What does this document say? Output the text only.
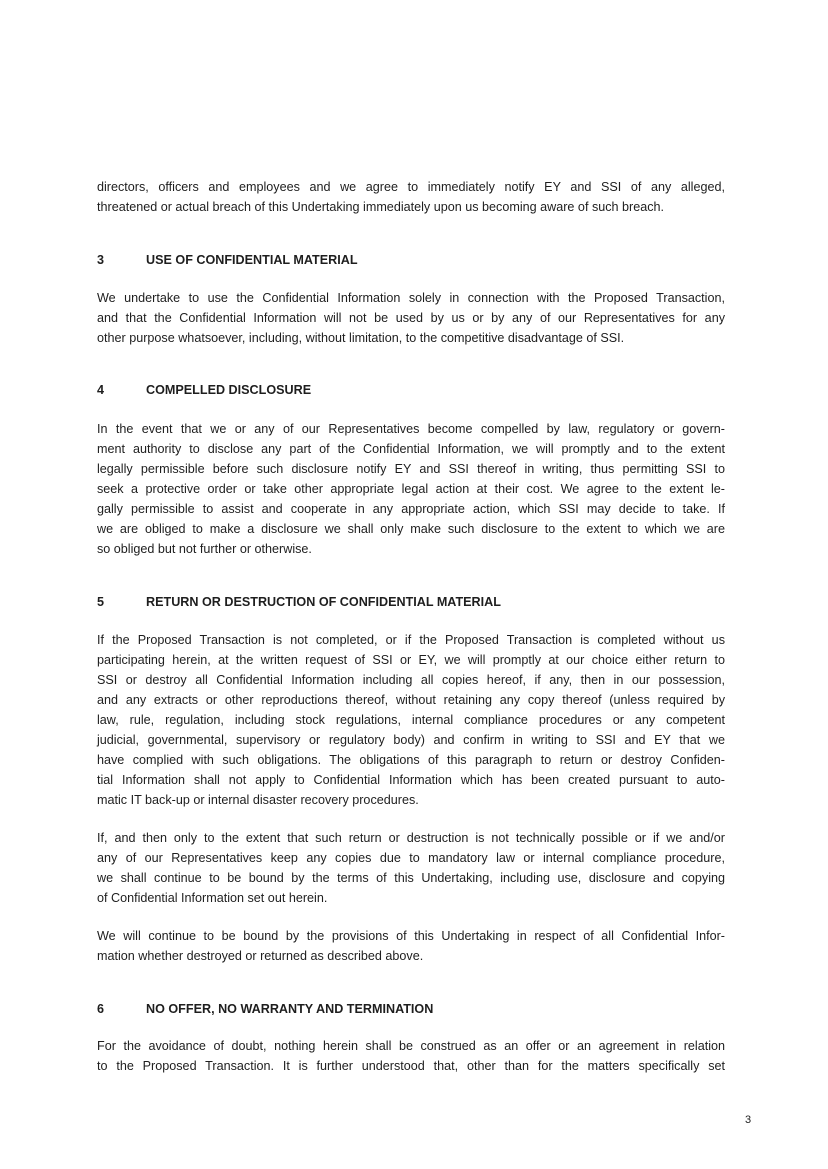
directors, officers and employees and we agree to immediately notify EY and SSI of any alleged,
threatened or actual breach of this Undertaking immediately upon us becoming aware of such breach.

3	USE OF CONFIDENTIAL MATERIAL

We undertake to use the Confidential Information solely in connection with the Proposed Transaction,
and that the Confidential Information will not be used by us or by any of our Representatives for any
other purpose whatsoever, including, without limitation, to the competitive disadvantage of SSI.

4	COMPELLED DISCLOSURE

In the event that we or any of our Representatives become compelled by law, regulatory or govern-
ment authority to disclose any part of the Confidential Information, we will promptly and to the extent
legally permissible before such disclosure notify EY and SSI thereof in writing, thus permitting SSI to
seek a protective order or take other appropriate legal action at their cost. We agree to the extent le-
gally permissible to assist and cooperate in any appropriate action, which SSI may decide to take. If
we are obliged to make a disclosure we shall only make such disclosure to the extent to which we are
so obliged but not further or otherwise.

5	RETURN OR DESTRUCTION OF CONFIDENTIAL MATERIAL

If the Proposed Transaction is not completed, or if the Proposed Transaction is completed without us
participating herein, at the written request of SSI or EY, we will promptly at our choice either return to
SSI or destroy all Confidential Information including all copies hereof, if any, then in our possession,
and any extracts or other reproductions thereof, without retaining any copy thereof (unless required by
law, rule, regulation, including stock regulations, internal compliance procedures or any competent
judicial, governmental, supervisory or regulatory body) and confirm in writing to SSI and EY that we
have complied with such obligations. The obligations of this paragraph to return or destroy Confiden-
tial Information shall not apply to Confidential Information which has been created pursuant to auto-
matic IT back-up or internal disaster recovery procedures.

If, and then only to the extent that such return or destruction is not technically possible or if we and/or
any of our Representatives keep any copies due to mandatory law or internal compliance procedure,
we shall continue to be bound by the terms of this Undertaking, including use, disclosure and copying
of Confidential Information set out herein.

We will continue to be bound by the provisions of this Undertaking in respect of all Confidential Infor-
mation whether destroyed or returned as described above.

6	NO OFFER, NO WARRANTY AND TERMINATION

For the avoidance of doubt, nothing herein shall be construed as an offer or an agreement in relation
to the Proposed Transaction. It is further understood that, other than for the matters specifically set

3
